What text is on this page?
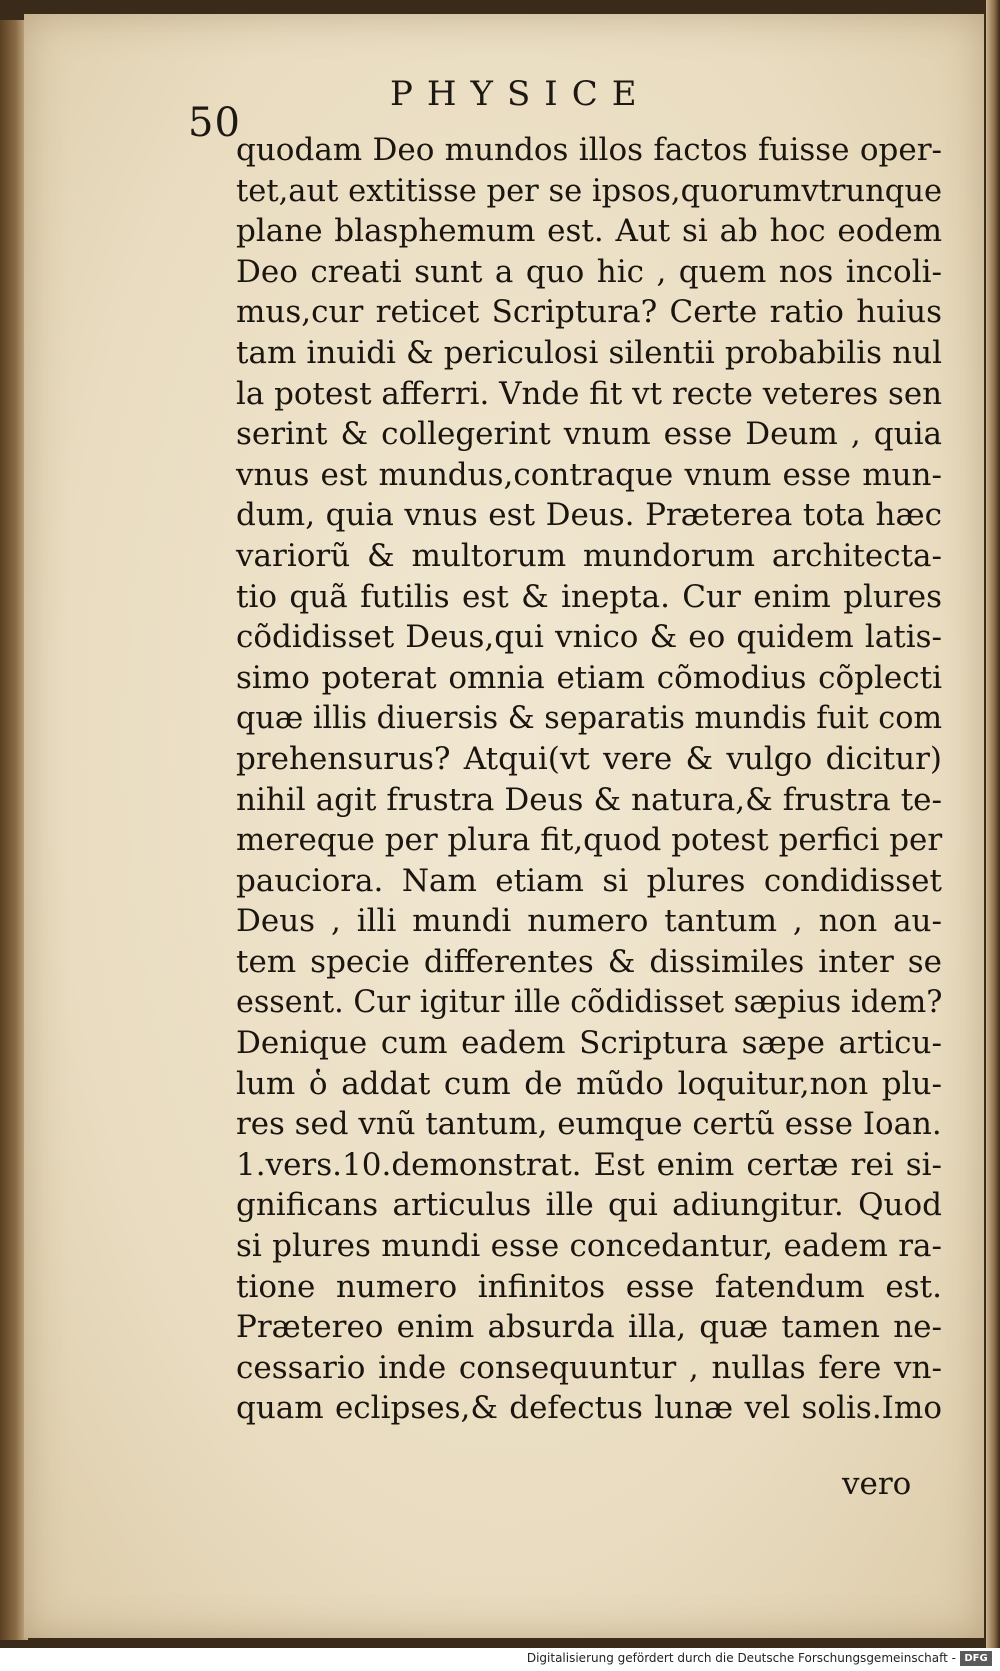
50
PHYSICE
quodam Deo mundos illos factos fuisse oper-
tet,aut extitisse per se ipsos,quorumvtrunque
plane blasphemum est. Aut si ab hoc eodem
Deo creati sunt a quo hic , quem nos incoli-
mus,cur reticet Scriptura? Certe ratio huius
tam inuidi & periculosi silentii probabilis nul
la potest afferri. Vnde fit vt recte veteres sen
serint & collegerint vnum esse Deum , quia
vnus est mundus,contraque vnum esse mun-
dum, quia vnus est Deus. Præterea tota hæc
variorũ & multorum mundorum architecta-
tio quã futilis est & inepta. Cur enim plures
cõdidisset Deus,qui vnico & eo quidem latis-
simo poterat omnia etiam cõmodius cõplecti
quæ illis diuersis & separatis mundis fuit com
prehensurus? Atqui(vt vere & vulgo dicitur)
nihil agit frustra Deus & natura,& frustra te-
mereque per plura fit,quod potest perfici per
pauciora. Nam etiam si plures condidisset
Deus , illi mundi numero tantum , non au-
tem specie differentes & dissimiles inter se
essent. Cur igitur ille cõdidisset sæpius idem?
Denique cum eadem Scriptura sæpe articu-
lum ὁ addat cum de mũdo loquitur,non plu-
res sed vnũ tantum, eumque certũ esse Ioan.
1.vers.10.demonstrat. Est enim certæ rei si-
gnificans articulus ille qui adiungitur. Quod
si plures mundi esse concedantur, eadem ra-
tione numero infinitos esse fatendum est.
Prætereo enim absurda illa, quæ tamen ne-
cessario inde consequuntur , nullas fere vn-
quam eclipses,& defectus lunæ vel solis.Imo
vero
Digitalisierung gefördert durch die Deutsche Forschungsgemeinschaft - DFG
